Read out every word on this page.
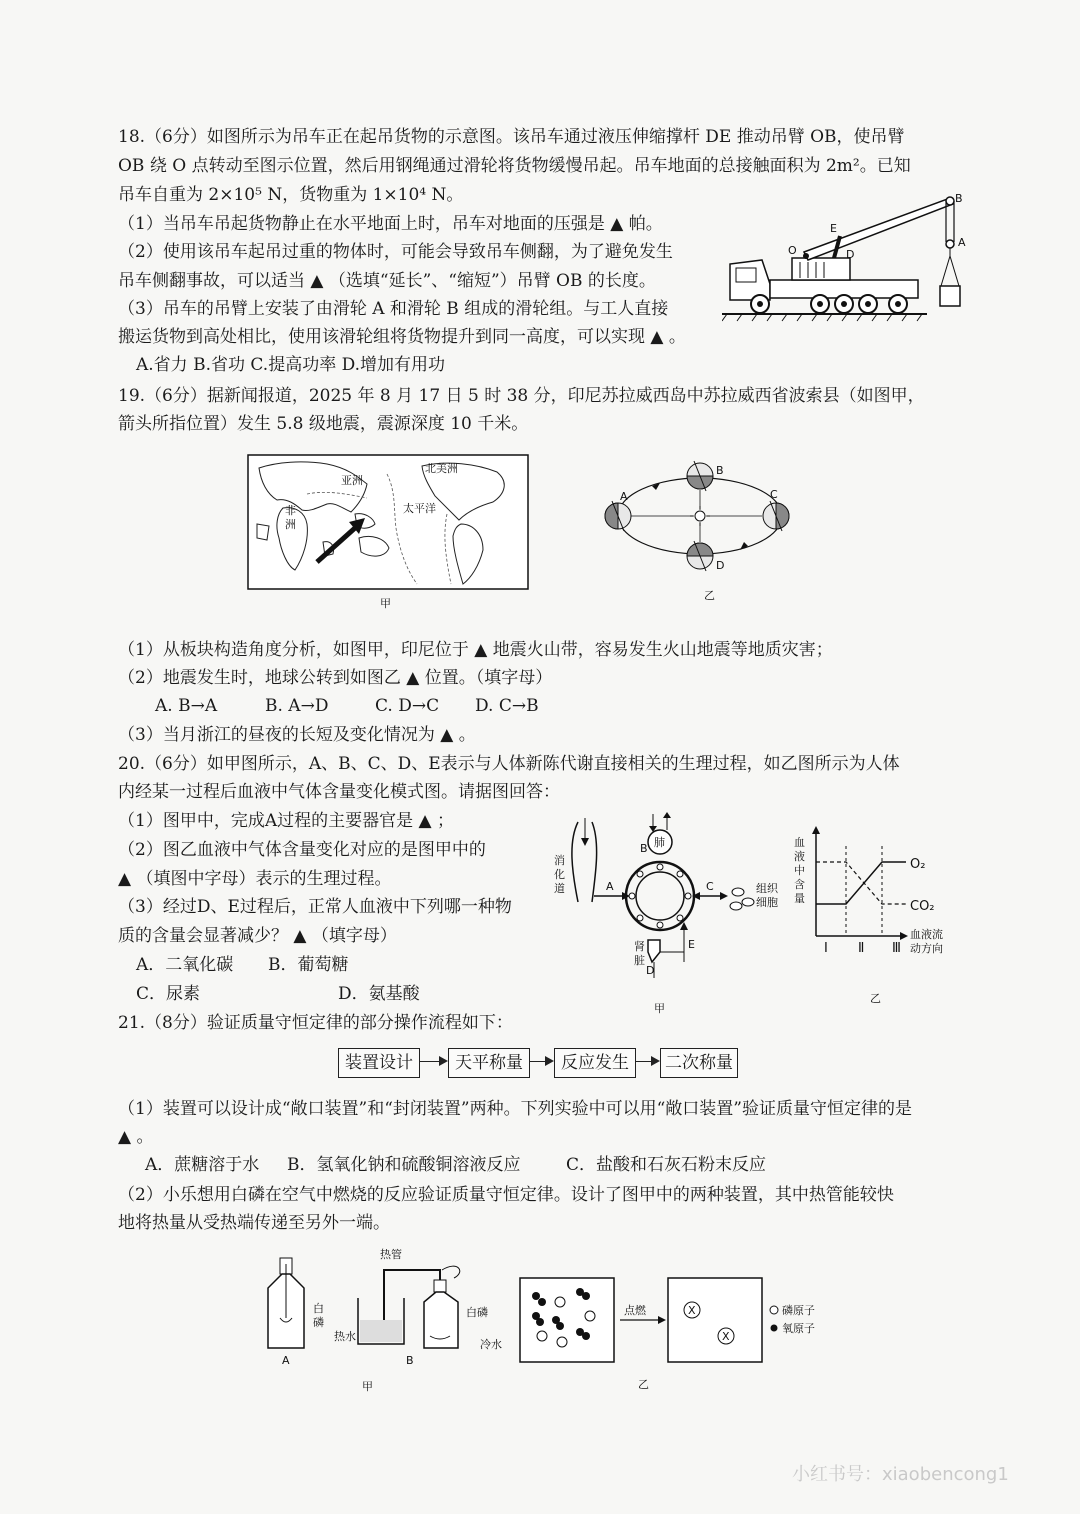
18.（6分）如图所示为吊车正在起吊货物的示意图。该吊车通过液压伸缩撑杆 DE 推动吊臂 OB，使吊臂
OB 绕 O 点转动至图示位置，然后用钢绳通过滑轮将货物缓慢吊起。吊车地面的总接触面积为 2m²。已知
吊车自重为 2×10⁵ N，货物重为 1×10⁴ N。
（1）当吊车吊起货物静止在水平地面上时，吊车对地面的压强是 ▲ 帕。
（2）使用该吊车起吊过重的物体时，可能会导致吊车侧翻，为了避免发生
吊车侧翻事故，可以适当 ▲ （选填“延长”、“缩短”）吊臂 OB 的长度。
（3）吊车的吊臂上安装了由滑轮 A 和滑轮 B 组成的滑轮组。与工人直接
搬运货物到高处相比，使用该滑轮组将货物提升到同一高度，可以实现 ▲ 。
A.省力 B.省功 C.提高功率 D.增加有用功
B
E
O	D
A
19.（6分）据新闻报道，2025 年 8 月 17 日 5 时 38 分，印尼苏拉威西岛中苏拉威西省波索县（如图甲，
箭头所指位置）发生 5.8 级地震，震源深度 10 千米。
亚洲
北美洲
非
洲
太平洋
甲
A
B
C
D
乙
（1）从板块构造角度分析，如图甲，印尼位于 ▲ 地震火山带，容易发生火山地震等地质灾害；
（2）地震发生时，地球公转到如图乙 ▲ 位置。（填字母）
A. B→A	B. A→D	C. D→C D. C→B
（3）当月浙江的昼夜的长短及变化情况为 ▲ 。
20.（6分）如甲图所示，A、B、C、D、E表示与人体新陈代谢直接相关的生理过程，如乙图所示为人体
内经某一过程后血液中气体含量变化模式图。请据图回答：
（1）图甲中，完成A过程的主要器官是 ▲ ；
（2）图乙血液中气体含量变化对应的是图甲中的
▲ （填图中字母）表示的生理过程。
（3）经过D、E过程后，正常人血液中下列哪一种物
质的含量会显著减少？ ▲ （填字母）
A．二氧化碳 B．葡萄糖
C．尿素	D．氨基酸
消
化
道	A
B 肺
C	组织
细胞
肾
脏
D
E
甲
血
液
中
含
量
O₂
CO₂
Ⅰ Ⅱ Ⅲ
血液流
动方向
乙
21.（8分）验证质量守恒定律的部分操作流程如下：
装置设计	天平称量	反应发生	二次称量
（1）装置可以设计成“敞口装置”和“封闭装置”两种。下列实验中可以用“敞口装置”验证质量守恒定律的是
▲ 。
A．蔗糖溶于水 B．氢氧化钠和硫酸铜溶液反应	C．盐酸和石灰石粉末反应
（2）小乐想用白磷在空气中燃烧的反应验证质量守恒定律。设计了图甲中的两种装置，其中热管能较快
地将热量从受热端传递至另外一端。
白
磷
A
热管
热水
白磷
冷水
B
甲
点燃	X
X
磷原子
氧原子
乙
小红书号：xiaobencong1
